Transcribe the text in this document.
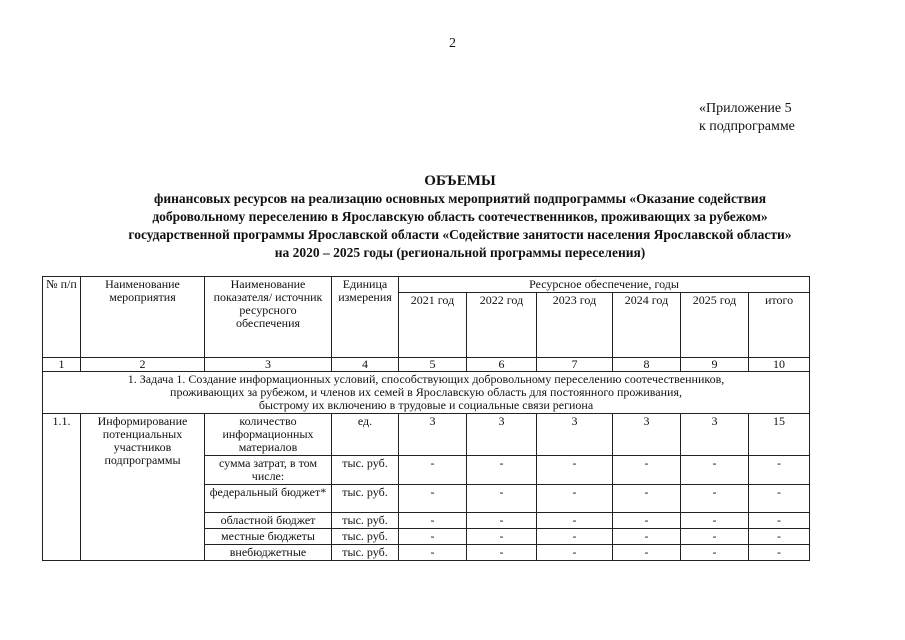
2
«Приложение 5
к подпрограмме
ОБЪЕМЫ
финансовых ресурсов на реализацию основных мероприятий подпрограммы «Оказание содействия
добровольному переселению в Ярославскую область соотечественников, проживающих за рубежом»
государственной программы Ярославской области «Содействие занятости населения Ярославской области»
на 2020 – 2025 годы (региональной программы переселения)
№ п/п	Наименование мероприятия	Наименование показателя/ источник ресурсного обеспечения	Единица измерения	Ресурсное обеспечение, годы					
				2021 год	2022 год	2023 год	2024 год	2025 год	итого
1	2	3	4	5	6	7	8	9	10

1. Задача 1. Создание информационных условий, способствующих добровольному переселению соотечественников,
проживающих за рубежом, и членов их семей в Ярославскую область для постоянного проживания,
быстрому их включению в трудовые и социальные связи региона									

1.1.	Информирование потенциальных участников подпрограммы	количество информационных материалов	ед.	3	3	3	3	3	15
		сумма затрат, в том числе:	тыс. руб.	-	-	-	-	-	-
		федеральный бюджет*	тыс. руб.	-	-	-	-	-	-
		областной бюджет	тыс. руб.	-	-	-	-	-	-
		местные бюджеты	тыс. руб.	-	-	-	-	-	-
		внебюджетные	тыс. руб.	-	-	-	-	-	-
